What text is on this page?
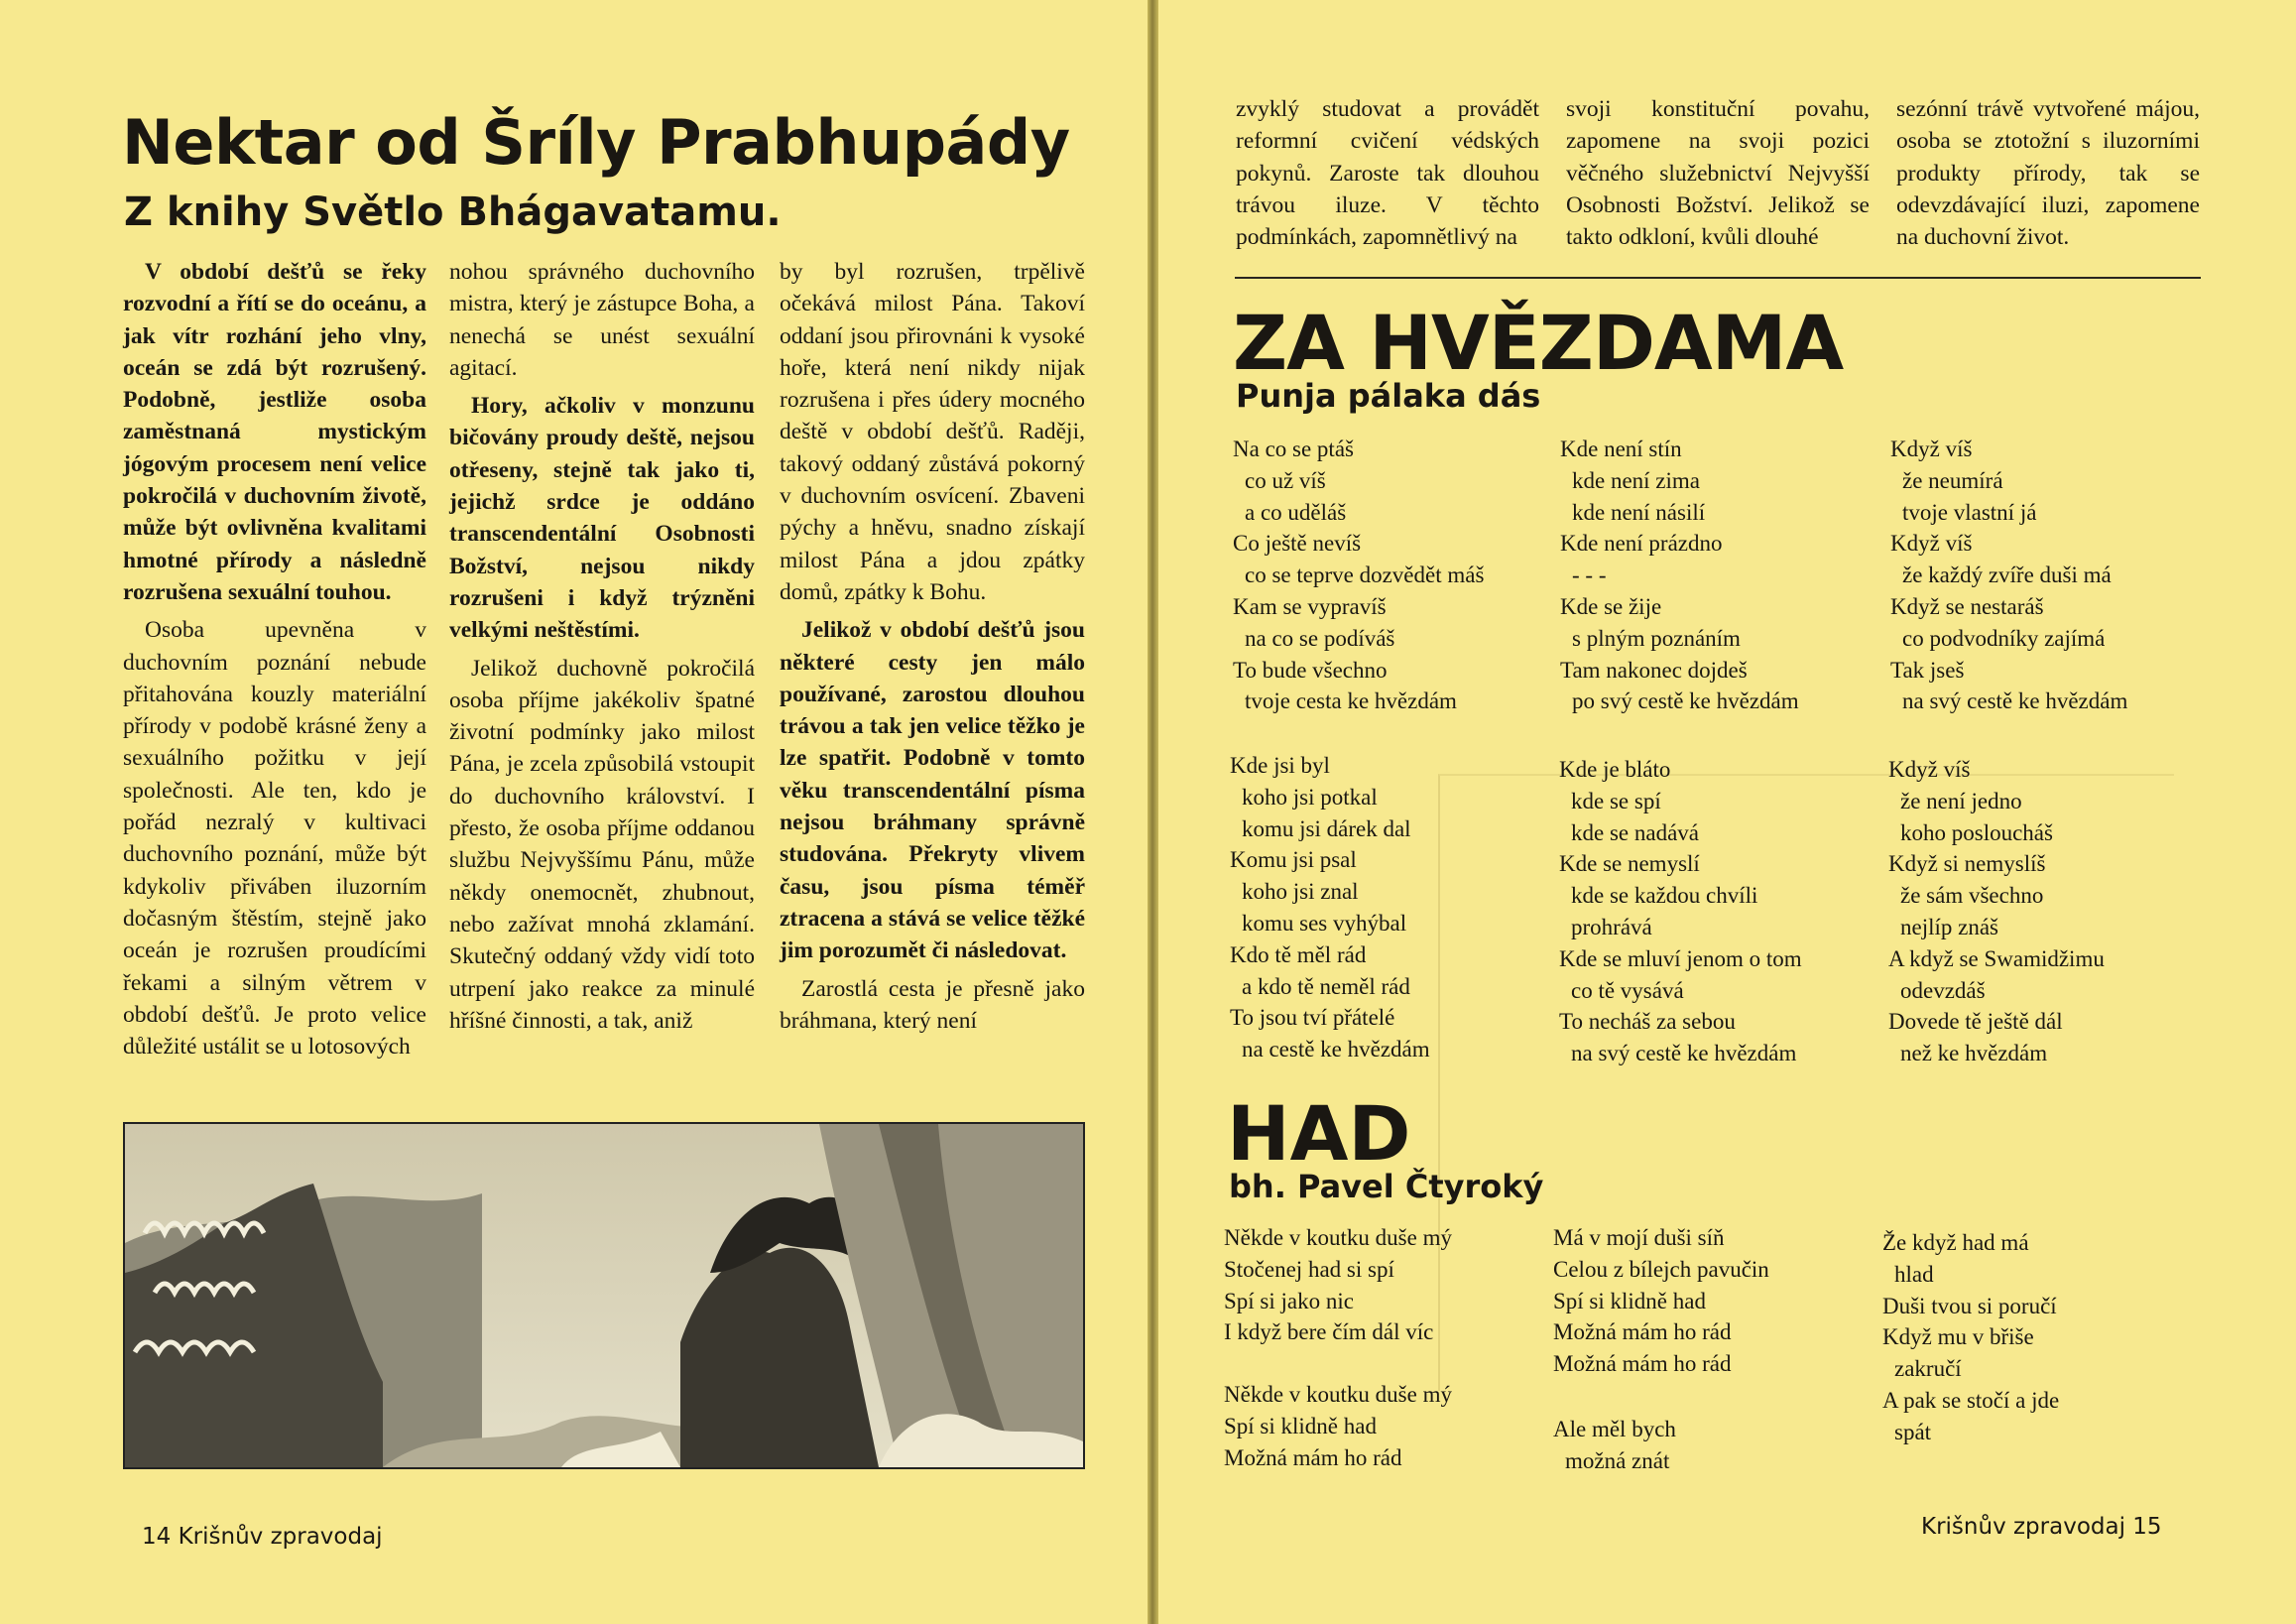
Nektar od Šríly Prabhupády
Z knihy Světlo Bhágavatamu.

V období dešťů se řeky rozvodní a řítí se do oceánu, a jak vítr rozhání jeho vlny, oceán se zdá být rozrušený. Podobně, jestliže osoba zaměstnaná mystickým jógovým procesem není velice pokročilá v duchovním životě, může být ovlivněna kvalitami hmotné přírody a následně rozrušena sexuální touhou.

Osoba upevněna v duchovním poznání nebude přitahována kouzly materiální přírody v podobě krásné ženy a sexuálního požitku v její společnosti. Ale ten, kdo je pořád nezralý v kultivaci duchovního poznání, může být kdykoliv přiváben iluzorním dočasným štěstím, stejně jako oceán je rozrušen proudícími řekami a silným větrem v období dešťů. Je proto velice důležité ustálit se u lotosových

nohou správného duchovního mistra, který je zástupce Boha, a nenechá se unést sexuální agitací.

Hory, ačkoliv v monzunu bičovány proudy deště, nejsou otřeseny, stejně tak jako ti, jejichž srdce je oddáno transcendentální Osobnosti Božství, nejsou nikdy rozrušeni i když trýzněni velkými neštěstími.

Jelikož duchovně pokročilá osoba příjme jakékoliv špatné životní podmínky jako milost Pána, je zcela způsobilá vstoupit do duchovního království. I přesto, že osoba příjme oddanou službu Nejvyššímu Pánu, může někdy onemocnět, zhubnout, nebo zažívat mnohá zklamání. Skutečný oddaný vždy vidí toto utrpení jako reakce za minulé hříšné činnosti, a tak, aniž

by byl rozrušen, trpělivě očekává milost Pána. Takoví oddaní jsou přirovnáni k vysoké hoře, která není nikdy nijak rozrušena i přes údery mocného deště v období dešťů. Raději, takový oddaný zůstává pokorný v duchovním osvícení. Zbaveni pýchy a hněvu, snadno získají milost Pána a jdou zpátky domů, zpátky k Bohu.

Jelikož v období dešťů jsou některé cesty jen málo používané, zarostou dlouhou trávou a tak jen velice těžko je lze spatřit. Podobně v tomto věku transcendentální písma nejsou bráhmany správně studována. Překryty vlivem času, jsou písma téměř ztracena a stává se velice těžké jim porozumět či následovat.

Zarostlá cesta je přesně jako bráhmana, který není

14 Krišnův zpravodaj
zvyklý studovat a provádět reformní cvičení védských pokynů. Zaroste tak dlouhou trávou iluze. V těchto podmínkách, zapomnětlivý na
svoji konstituční povahu, zapomene na svoji pozici věčného služebnictví Nejvyšší Osobnosti Božství. Jelikož se takto odkloní, kvůli dlouhé
sezónní trávě vytvořené májou, osoba se ztotožní s iluzorními produkty přírody, tak se odevzdávající iluzi, zapomene na duchovní život.
ZA HVĚZDAMA
Punja pálaka dás
Na co se ptáš
co už víš
a co uděláš
Co ještě nevíš
co se teprve dozvědět máš
Kam se vypravíš
na co se podíváš
To bude všechno
tvoje cesta ke hvězdám
Kde není stín
kde není zima
kde není násilí
Kde není prázdno
- - -
Kde se žije
s plným poznáním
Tam nakonec dojdeš
po svý cestě ke hvězdám
Když víš
že neumírá
tvoje vlastní já
Když víš
že každý zvíře duši má
Když se nestaráš
co podvodníky zajímá
Tak jseš
na svý cestě ke hvězdám
Kde jsi byl
koho jsi potkal
komu jsi dárek dal
Komu jsi psal
koho jsi znal
komu ses vyhýbal
Kdo tě měl rád
a kdo tě neměl rád
To jsou tví přátelé
na cestě ke hvězdám
Kde je bláto
kde se spí
kde se nadává
Kde se nemyslí
kde se každou chvíli
prohrává
Kde se mluví jenom o tom
co tě vysává
To necháš za sebou
na svý cestě ke hvězdám
Když víš
že není jedno
koho posloucháš
Když si nemyslíš
že sám všechno
nejlíp znáš
A když se Swamidžimu
odevzdáš
Dovede tě ještě dál
než ke hvězdám
HAD
bh. Pavel Čtyroký
Někde v koutku duše mý
Stočenej had si spí
Spí si jako nic
I když bere čím dál víc
Někde v koutku duše mý
Spí si klidně had
Možná mám ho rád
Má v mojí duši síň
Celou z bílejch pavučin
Spí si klidně had
Možná mám ho rád
Možná mám ho rád
Ale měl bych
možná znát
Že když had má
hlad
Duši tvou si poručí
Když mu v břiše
zakručí
A pak se stočí a jde
spát
Krišnův zpravodaj 15
